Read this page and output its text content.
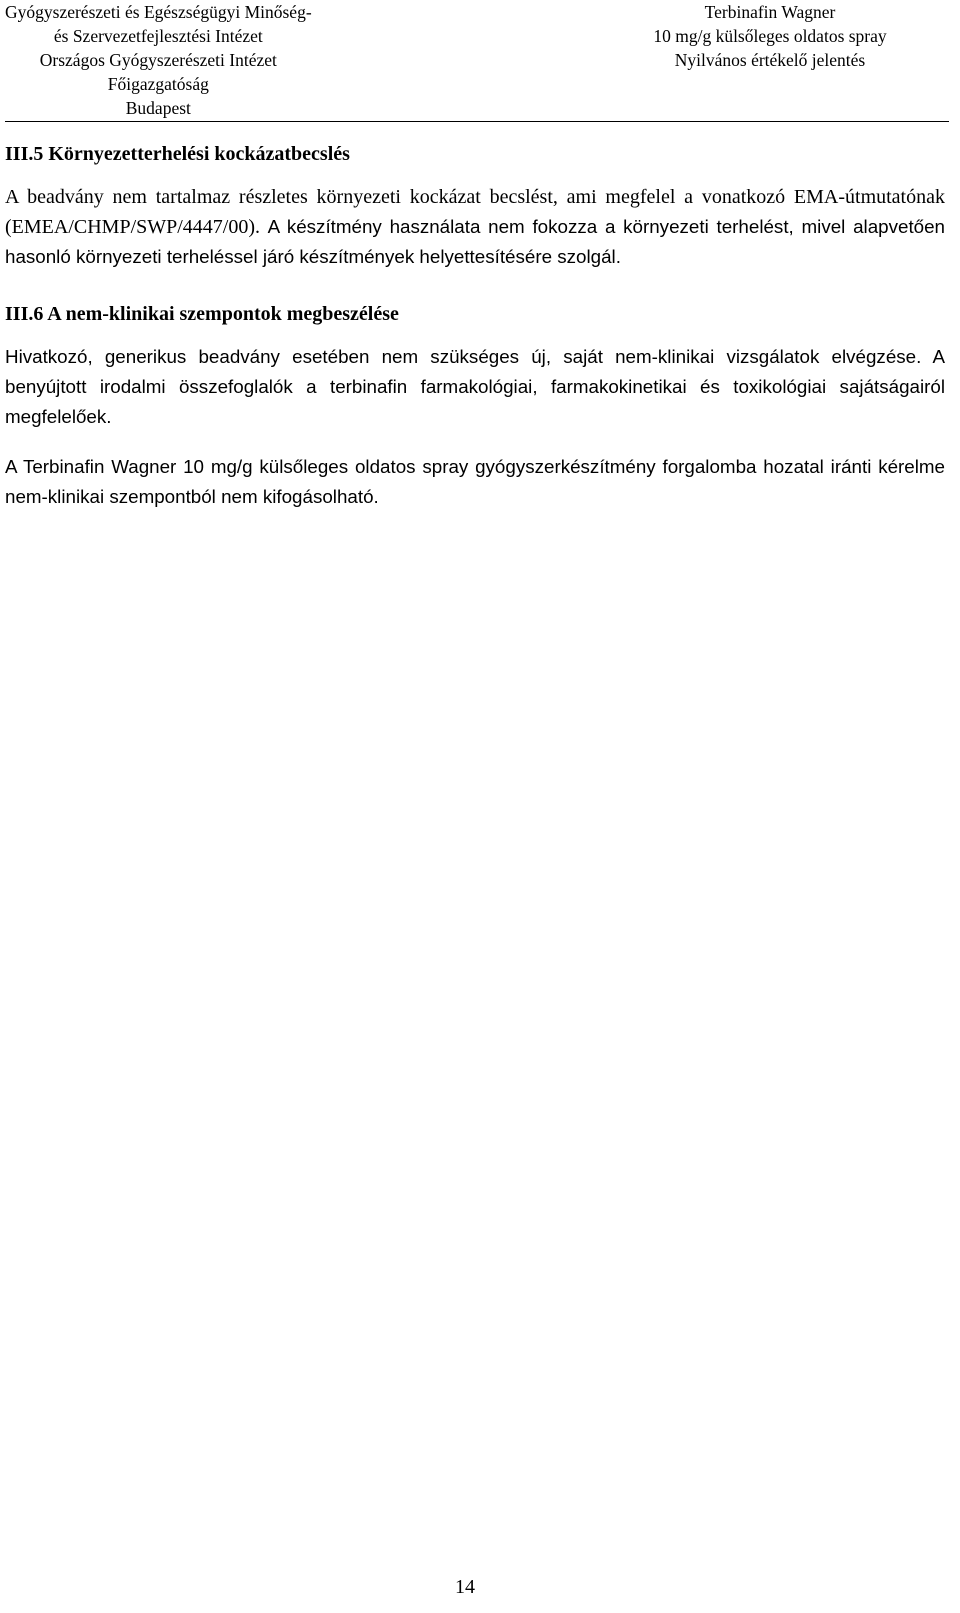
Gyógyszerészeti és Egészségügyi Minőség-
és Szervezetfejlesztési Intézet
Országos Gyógyszerészeti Intézet
Főigazgatóság
Budapest
Terbinafin Wagner
10 mg/g külsőleges oldatos spray
Nyilvános értékelő jelentés
III.5 Környezetterhelési kockázatbecslés

A beadvány nem tartalmaz részletes környezeti kockázat becslést, ami megfelel a vonatkozó EMA-útmutatónak (EMEA/CHMP/SWP/4447/00). A készítmény használata nem fokozza a környezeti terhelést, mivel alapvetően hasonló környezeti terheléssel járó készítmények helyettesítésére szolgál.

III.6 A nem-klinikai szempontok megbeszélése

Hivatkozó, generikus beadvány esetében nem szükséges új, saját nem-klinikai vizsgálatok elvégzése. A benyújtott irodalmi összefoglalók a terbinafin farmakológiai, farmakokinetikai és toxikológiai sajátságairól megfelelőek.

A Terbinafin Wagner 10 mg/g külsőleges oldatos spray gyógyszerkészítmény forgalomba hozatal iránti kérelme nem-klinikai szempontból nem kifogásolható.

14
